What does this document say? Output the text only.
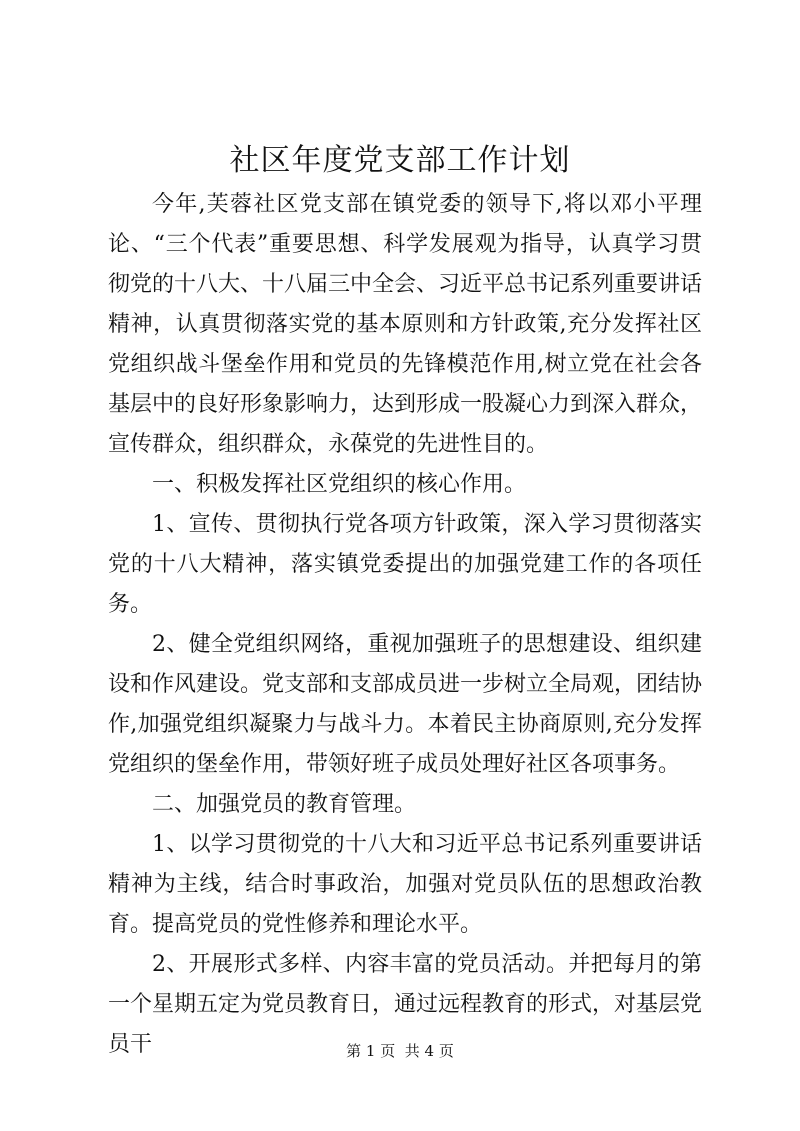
社区年度党支部工作计划

今年,芙蓉社区党支部在镇党委的领导下,将以邓小平理论、“三个代表”重要思想、科学发展观为指导，认真学习贯彻党的十八大、十八届三中全会、习近平总书记系列重要讲话精神，认真贯彻落实党的基本原则和方针政策,充分发挥社区党组织战斗堡垒作用和党员的先锋模范作用,树立党在社会各基层中的良好形象影响力，达到形成一股凝心力到深入群众，宣传群众，组织群众，永葆党的先进性目的。

一、积极发挥社区党组织的核心作用。

1、宣传、贯彻执行党各项方针政策，深入学习贯彻落实党的十八大精神，落实镇党委提出的加强党建工作的各项任务。

2、健全党组织网络，重视加强班子的思想建设、组织建设和作风建设。党支部和支部成员进一步树立全局观，团结协作,加强党组织凝聚力与战斗力。本着民主协商原则,充分发挥党组织的堡垒作用，带领好班子成员处理好社区各项事务。

二、加强党员的教育管理。

1、以学习贯彻党的十八大和习近平总书记系列重要讲话精神为主线，结合时事政治，加强对党员队伍的思想政治教育。提高党员的党性修养和理论水平。

2、开展形式多样、内容丰富的党员活动。并把每月的第一个星期五定为党员教育日，通过远程教育的形式，对基层党员干	第 1 页  共 4 页
